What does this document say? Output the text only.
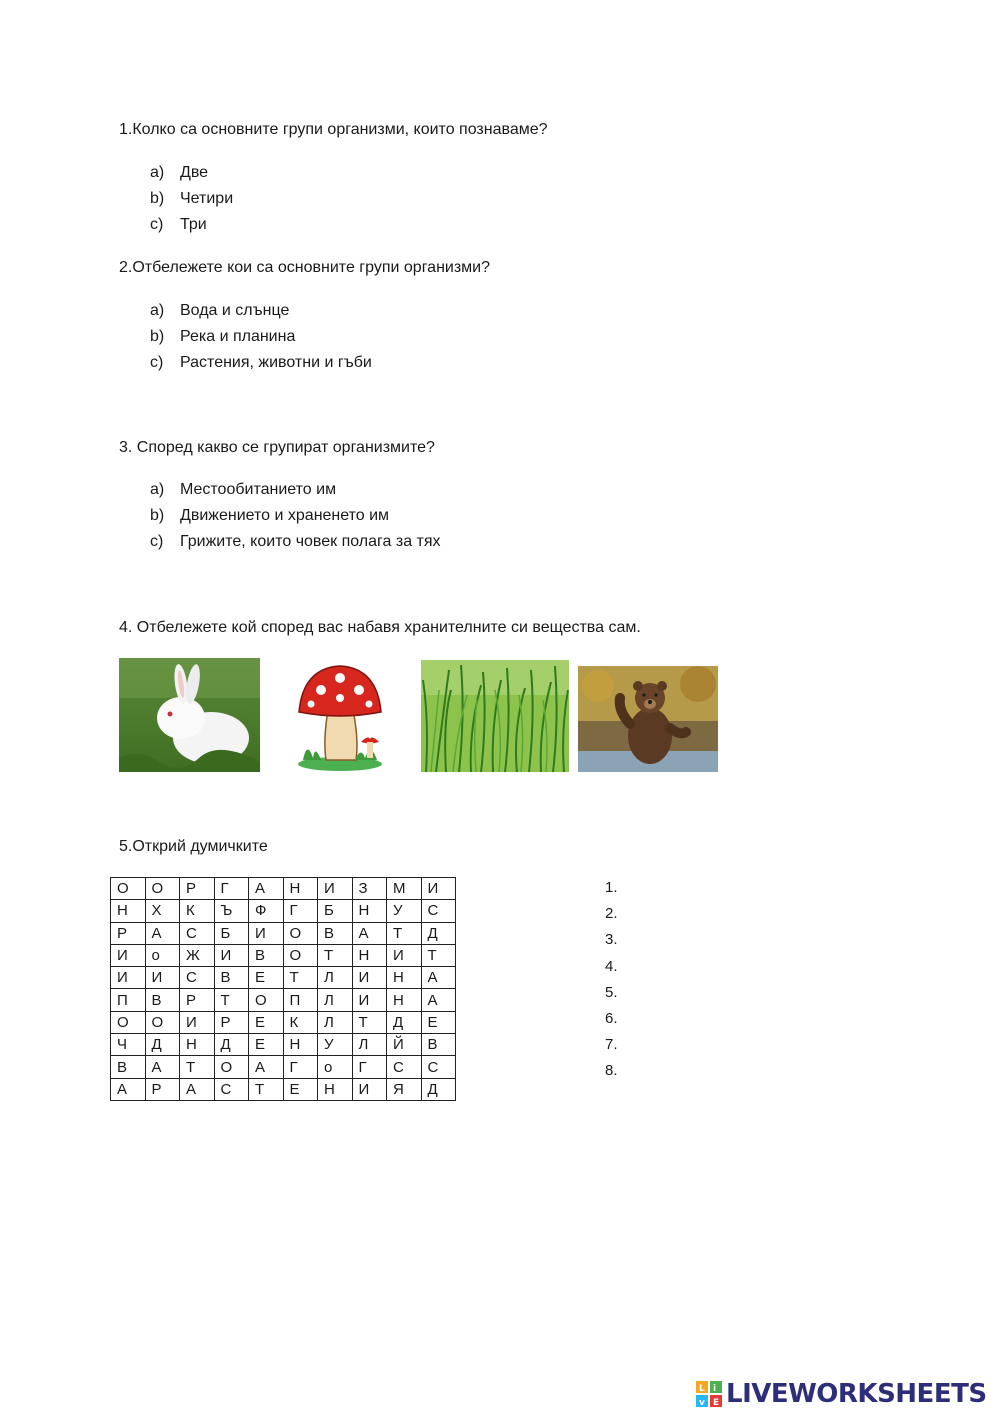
1.Колко са основните групи организми, които познаваме?
a) Две
b) Четири
c) Три
2.Отбележете кои са основните групи организми?
a) Вода и слънце
b) Река и планина
c) Растения, животни и гъби
3. Според какво се групират организмите?
a) Местообитанието им
b) Движението и храненето им
c) Грижите, които човек полага за тях
4. Отбележете кой според вас набавя хранителните си вещества сам.
5.Открий думичките
О	О	Р	Г	А	Н	И	З	М	И
Н	Х	К	Ъ	Ф	Г	Б	Н	У	С
Р	А	С	Б	И	О	В	А	Т	Д
И	о	Ж	И	В	О	Т	Н	И	Т
И	И	С	В	Е	Т	Л	И	Н	А
П	В	Р	Т	О	П	Л	И	Н	А
О	О	И	Р	Е	К	Л	Т	Д	Е
Ч	Д	Н	Д	Е	Н	У	Л	Й	В
В	А	Т	О	А	Г	о	Г	С	С
А	Р	А	С	Т	Е	Н	И	Я	Д
1.
2.
3.
4.
5.
6.
7.
8.
L i
v E LIVEWORKSHEETS
